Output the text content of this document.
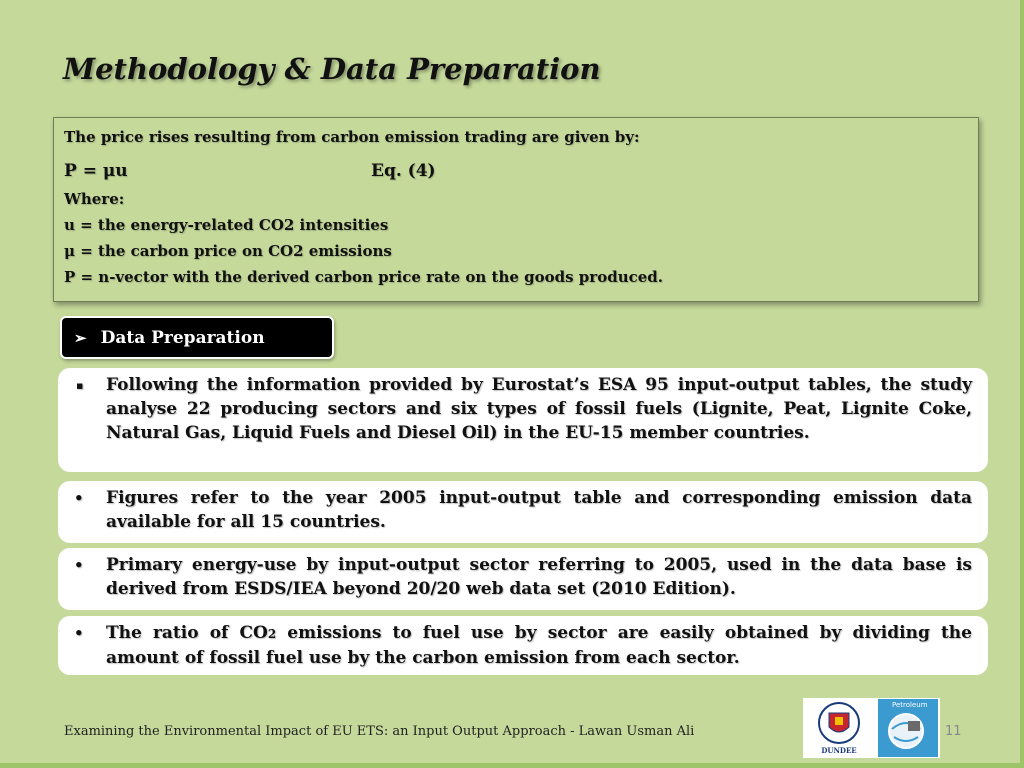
Methodology & Data Preparation
The price rises resulting from carbon emission trading are given by:
P = μu	Eq. (4)
Where:
u = the energy-related CO2 intensities
μ = the carbon price on CO2 emissions
P = n-vector with the derived carbon price rate on the goods produced.
➢ Data Preparation
▪ Following the information provided by Eurostat’s ESA 95 input-output tables, the study analyse 22 producing sectors and six types of fossil fuels (Lignite, Peat, Lignite Coke, Natural Gas, Liquid Fuels and Diesel Oil) in the EU-15 member countries.
• Figures refer to the year 2005 input-output table and corresponding emission data available for all 15 countries.
• Primary energy-use by input-output sector referring to 2005, used in the data base is derived from ESDS/IEA beyond 20/20 web data set (2010 Edition).
• The ratio of CO2 emissions to fuel use by sector are easily obtained by dividing the amount of fossil fuel use by the carbon emission from each sector.
Examining the Environmental Impact of EU ETS: an Input Output Approach - Lawan Usman Ali
DUNDEE
Petroleum
11
